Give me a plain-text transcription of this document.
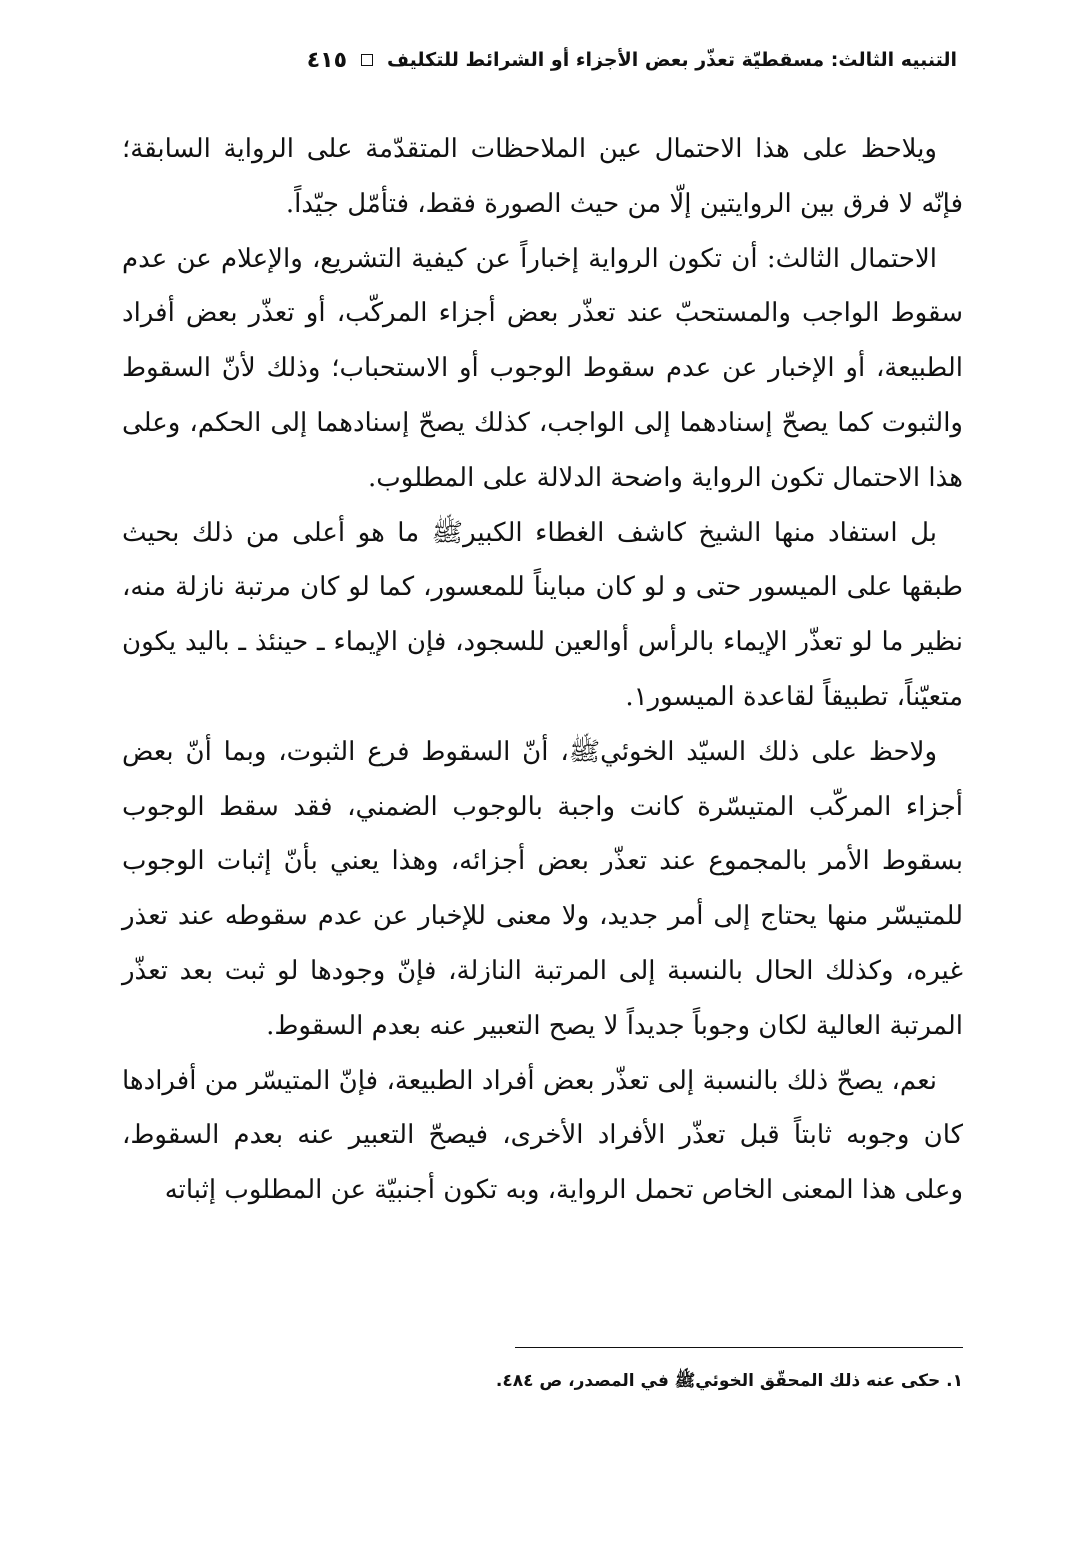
التنبيه الثالث: مسقطيّة تعذّر بعض الأجزاء أو الشرائط للتكليف
٤١٥

ويلاحظ على هذا الاحتمال عين الملاحظات المتقدّمة على الرواية السابقة؛ فإنّه لا فرق بين الروايتين إلّا من حيث الصورة فقط، فتأمّل جيّداً.

الاحتمال الثالث: أن تكون الرواية إخباراً عن كيفية التشريع، والإعلام عن عدم سقوط الواجب والمستحبّ عند تعذّر بعض أجزاء المركّب، أو تعذّر بعض أفراد الطبيعة، أو الإخبار عن عدم سقوط الوجوب أو الاستحباب؛ وذلك لأنّ السقوط والثبوت كما يصحّ إسنادهما إلى الواجب، كذلك يصحّ إسنادهما إلى الحكم، وعلى هذا الاحتمال تكون الرواية واضحة الدلالة على المطلوب.

بل استفاد منها الشيخ كاشف الغطاء الكبيرﷺ ما هو أعلى من ذلك بحيث طبقها على الميسور حتى و لو كان مبايناً للمعسور، كما لو كان مرتبة نازلة منه، نظير ما لو تعذّر الإيماء بالرأس أوالعين للسجود، فإن الإيماء ـ حينئذ ـ باليد يكون متعيّناً، تطبيقاً لقاعدة الميسور١.

ولاحظ على ذلك السيّد الخوئيﷺ، أنّ السقوط فرع الثبوت، وبما أنّ بعض أجزاء المركّب المتيسّرة كانت واجبة بالوجوب الضمني، فقد سقط الوجوب بسقوط الأمر بالمجموع عند تعذّر بعض أجزائه، وهذا يعني بأنّ إثبات الوجوب للمتيسّر منها يحتاج إلى أمر جديد، ولا معنى للإخبار عن عدم سقوطه عند تعذر غيره، وكذلك الحال بالنسبة إلى المرتبة النازلة، فإنّ وجودها لو ثبت بعد تعذّر المرتبة العالية لكان وجوباً جديداً لا يصح التعبير عنه بعدم السقوط.

نعم، يصحّ ذلك بالنسبة إلى تعذّر بعض أفراد الطبيعة، فإنّ المتيسّر من أفرادها كان وجوبه ثابتاً قبل تعذّر الأفراد الأخرى، فيصحّ التعبير عنه بعدم السقوط، وعلى هذا المعنى الخاص تحمل الرواية، وبه تكون أجنبيّة عن المطلوب إثباته

١. حكى عنه ذلك المحقّق الخوئيﷺ في المصدر، ص ٤٨٤.
